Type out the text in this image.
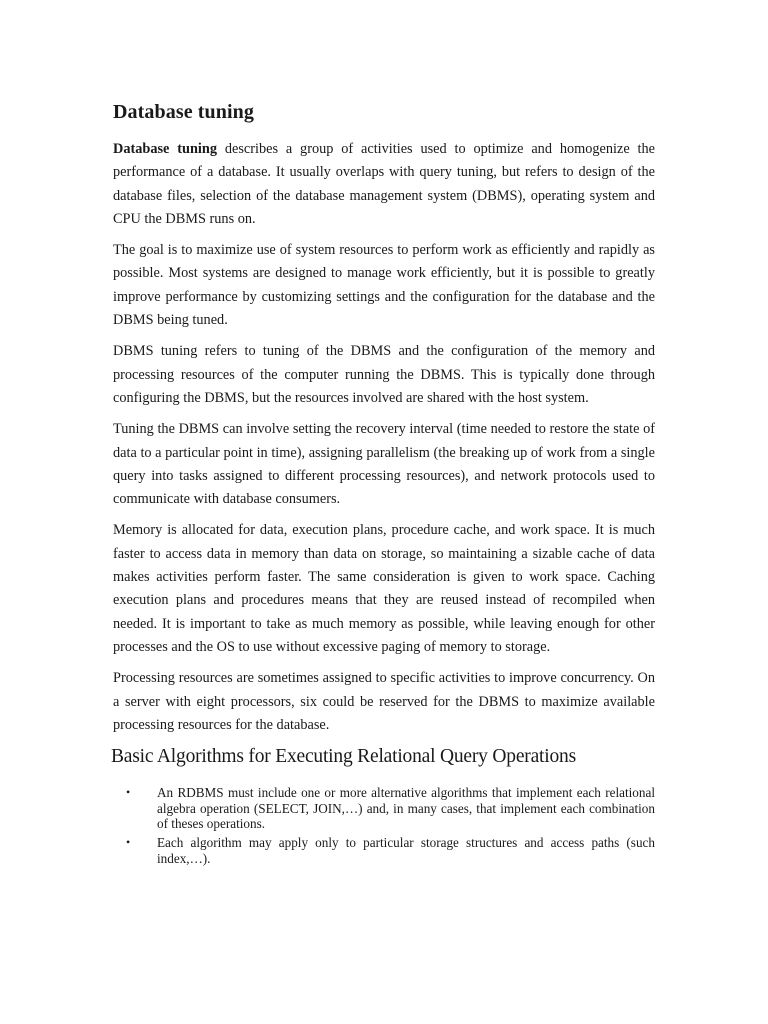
Database tuning

Database tuning describes a group of activities used to optimize and homogenize the performance of a database. It usually overlaps with query tuning, but refers to design of the database files, selection of the database management system (DBMS), operating system and CPU the DBMS runs on.

The goal is to maximize use of system resources to perform work as efficiently and rapidly as possible. Most systems are designed to manage work efficiently, but it is possible to greatly improve performance by customizing settings and the configuration for the database and the DBMS being tuned.

DBMS tuning refers to tuning of the DBMS and the configuration of the memory and processing resources of the computer running the DBMS. This is typically done through configuring the DBMS, but the resources involved are shared with the host system.

Tuning the DBMS can involve setting the recovery interval (time needed to restore the state of data to a particular point in time), assigning parallelism (the breaking up of work from a single query into tasks assigned to different processing resources), and network protocols used to communicate with database consumers.

Memory is allocated for data, execution plans, procedure cache, and work space. It is much faster to access data in memory than data on storage, so maintaining a sizable cache of data makes activities perform faster. The same consideration is given to work space. Caching execution plans and procedures means that they are reused instead of recompiled when needed. It is important to take as much memory as possible, while leaving enough for other processes and the OS to use without excessive paging of memory to storage.

Processing resources are sometimes assigned to specific activities to improve concurrency. On a server with eight processors, six could be reserved for the DBMS to maximize available processing resources for the database.

Basic Algorithms for Executing Relational Query Operations
• An RDBMS must include one or more alternative algorithms that implement each relational algebra operation (SELECT, JOIN,…) and, in many cases, that implement each combination of theses operations.
• Each algorithm may apply only to particular storage structures and access paths (such index,…).
